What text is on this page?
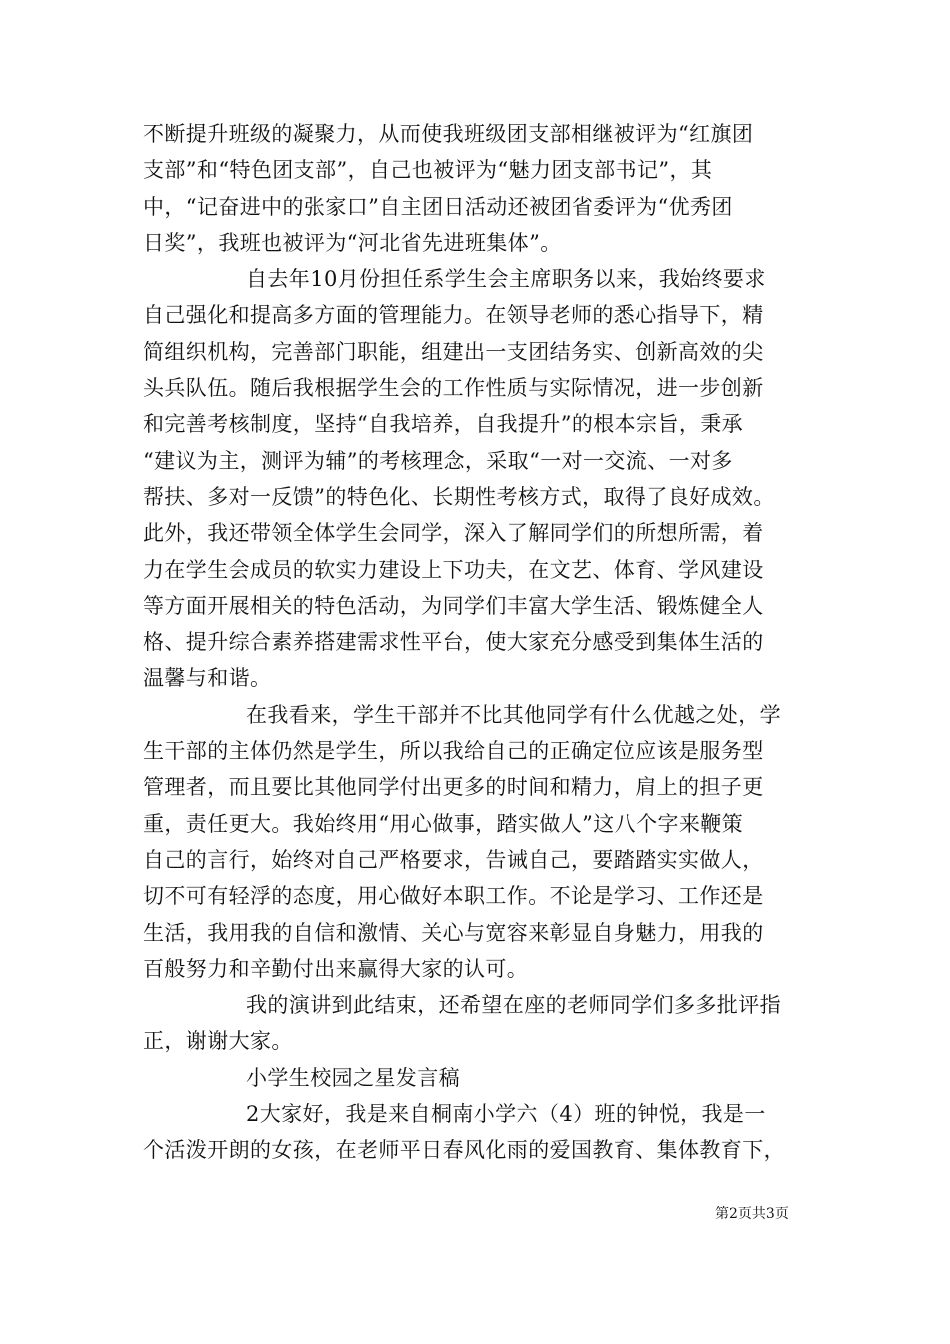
不断提升班级的凝聚力，从而使我班级团支部相继被评为“红旗团
支部”和“特色团支部”，自己也被评为“魅力团支部书记”，其
中，“记奋进中的张家口”自主团日活动还被团省委评为“优秀团
日奖”，我班也被评为“河北省先进班集体”。
自去年10月份担任系学生会主席职务以来，我始终要求
自己强化和提高多方面的管理能力。在领导老师的悉心指导下，精
简组织机构，完善部门职能，组建出一支团结务实、创新高效的尖
头兵队伍。随后我根据学生会的工作性质与实际情况，进一步创新
和完善考核制度，坚持“自我培养，自我提升”的根本宗旨，秉承
“建议为主，测评为辅”的考核理念，采取“一对一交流、一对多
帮扶、多对一反馈”的特色化、长期性考核方式，取得了良好成效。
此外，我还带领全体学生会同学，深入了解同学们的所想所需，着
力在学生会成员的软实力建设上下功夫，在文艺、体育、学风建设
等方面开展相关的特色活动，为同学们丰富大学生活、锻炼健全人
格、提升综合素养搭建需求性平台，使大家充分感受到集体生活的
温馨与和谐。
在我看来，学生干部并不比其他同学有什么优越之处，学
生干部的主体仍然是学生，所以我给自己的正确定位应该是服务型
管理者，而且要比其他同学付出更多的时间和精力，肩上的担子更
重，责任更大。我始终用“用心做事，踏实做人”这八个字来鞭策
自己的言行，始终对自己严格要求，告诫自己，要踏踏实实做人，
切不可有轻浮的态度，用心做好本职工作。不论是学习、工作还是
生活，我用我的自信和激情、关心与宽容来彰显自身魅力，用我的
百般努力和辛勤付出来赢得大家的认可。
我的演讲到此结束，还希望在座的老师同学们多多批评指
正，谢谢大家。
小学生校园之星发言稿
2大家好，我是来自桐南小学六（4）班的钟悦，我是一
个活泼开朗的女孩，在老师平日春风化雨的爱国教育、集体教育下，
第2页共3页
